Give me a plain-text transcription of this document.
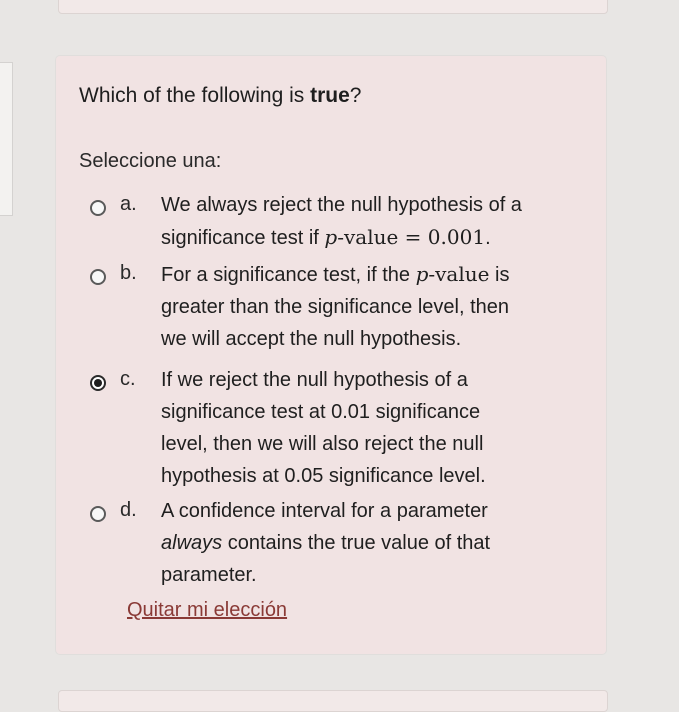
Which of the following is true?
Seleccione una:
a. We always reject the null hypothesis of a
significance test if p-value = 0.001.
b. For a significance test, if the p-value is
greater than the significance level, then
we will accept the null hypothesis.
c. If we reject the null hypothesis of a
significance test at 0.01 significance
level, then we will also reject the null
hypothesis at 0.05 significance level.
d. A confidence interval for a parameter
always contains the true value of that
parameter.
Quitar mi elección
